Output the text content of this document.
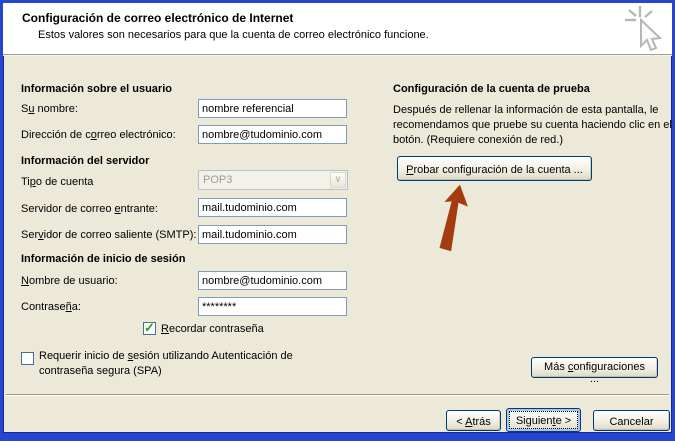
Configuración de correo electrónico de Internet
Estos valores son necesarios para que la cuenta de correo electrónico funcione.
Información sobre el usuario
Su nombre:
nombre referencial
Dirección de correo electrónico:
nombre@tudominio.com
Información del servidor
Tipo de cuenta	POP3	∨
Servidor de correo entrante:
mail.tudominio.com
Servidor de correo saliente (SMTP):
mail.tudominio.com
Información de inicio de sesión
Nombre de usuario:
nombre@tudominio.com
Contraseña:
********
✓
Recordar contraseña
Requerir inicio de sesión utilizando Autenticación de contraseña segura (SPA)
Configuración de la cuenta de prueba
Después de rellenar la información de esta pantalla, le recomendamos que pruebe su cuenta haciendo clic en el botón. (Requiere conexión de red.)
Probar configuración de la cuenta ...
Más configuraciones ...
< Atrás	Siguiente >	Cancelar
